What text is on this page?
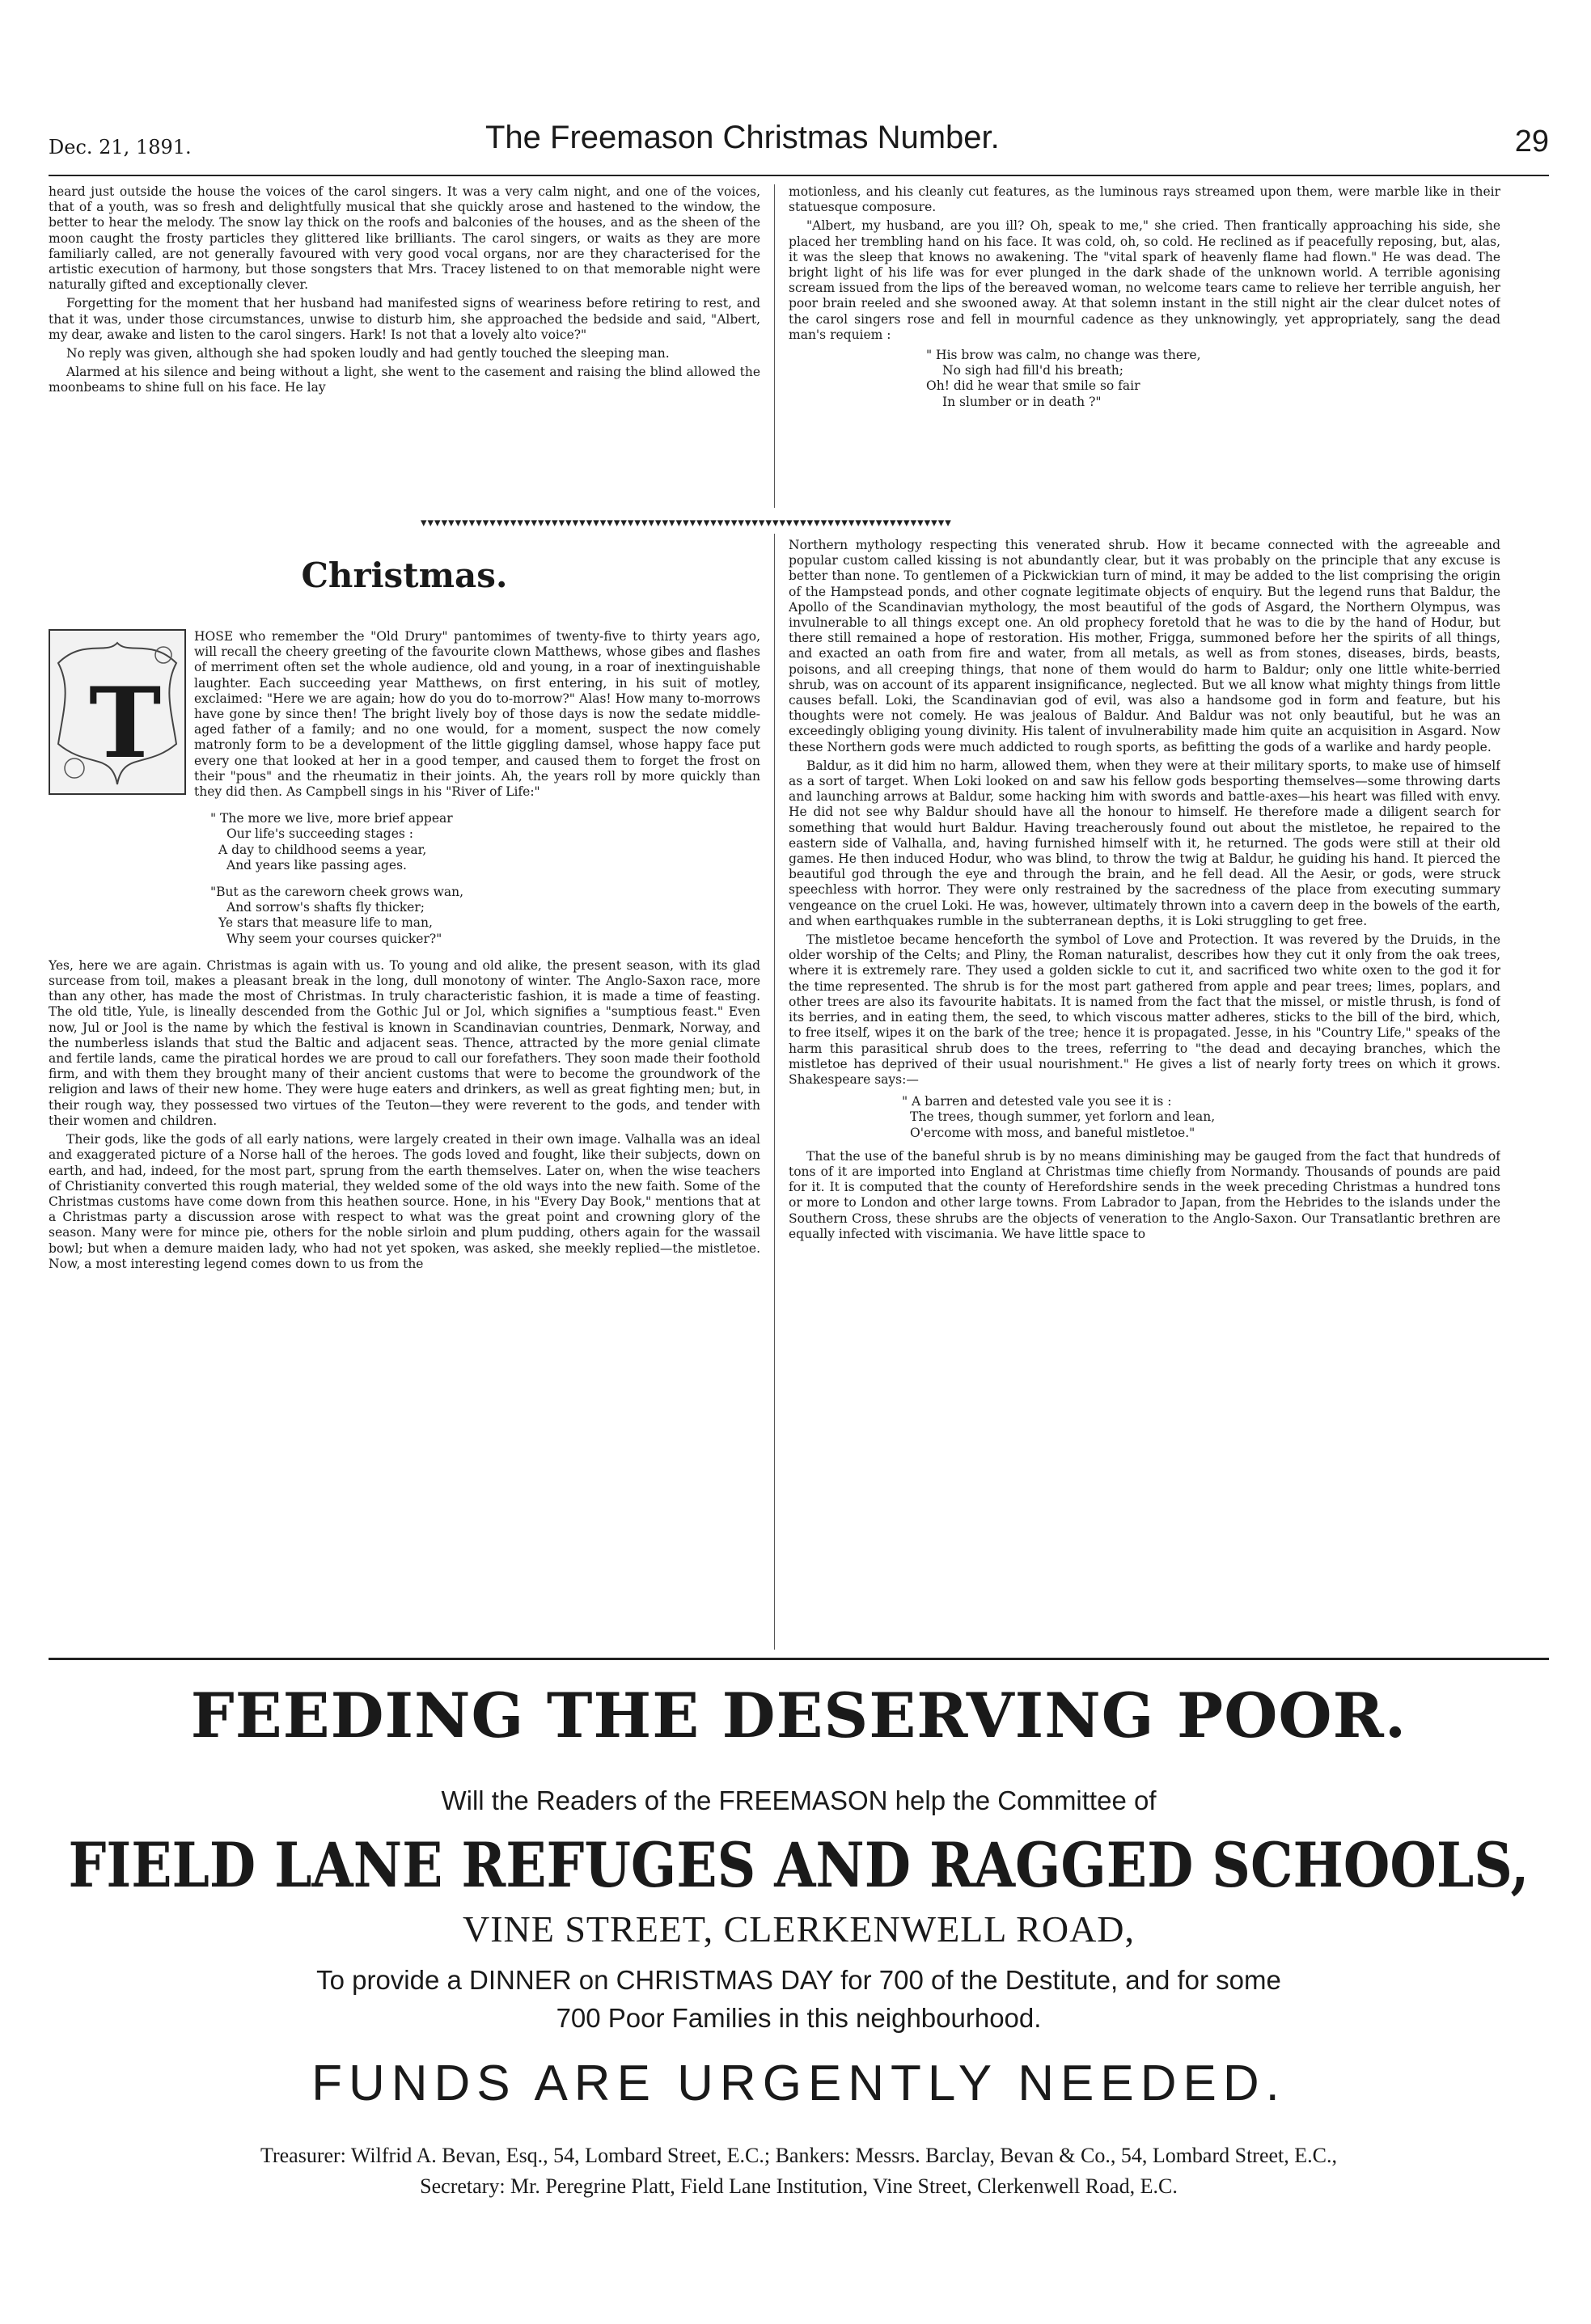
Dec. 21, 1891.	The Freemason Christmas Number.	29

heard just outside the house the voices of the carol singers. It was a very calm night, and one of the voices, that of a youth, was so fresh and delightfully musical that she quickly arose and hastened to the window, the better to hear the melody. The snow lay thick on the roofs and balconies of the houses, and as the sheen of the moon caught the frosty particles they glittered like brilliants. The carol singers, or waits as they are more familiarly called, are not generally favoured with very good vocal organs, nor are they characterised for the artistic execution of harmony, but those songsters that Mrs. Tracey listened to on that memorable night were naturally gifted and exceptionally clever.

Forgetting for the moment that her husband had manifested signs of weariness before retiring to rest, and that it was, under those circumstances, unwise to disturb him, she approached the bedside and said, "Albert, my dear, awake and listen to the carol singers. Hark! Is not that a lovely alto voice?"

No reply was given, although she had spoken loudly and had gently touched the sleeping man.

Alarmed at his silence and being without a light, she went to the casement and raising the blind allowed the moonbeams to shine full on his face. He lay

motionless, and his cleanly cut features, as the luminous rays streamed upon them, were marble like in their statuesque composure.

"Albert, my husband, are you ill? Oh, speak to me," she cried. Then frantically approaching his side, she placed her trembling hand on his face. It was cold, oh, so cold. He reclined as if peacefully reposing, but, alas, it was the sleep that knows no awakening. The "vital spark of heavenly flame had flown." He was dead. The bright light of his life was for ever plunged in the dark shade of the unknown world. A terrible agonising scream issued from the lips of the bereaved woman, no welcome tears came to relieve her terrible anguish, her poor brain reeled and she swooned away. At that solemn instant in the still night air the clear dulcet notes of the carol singers rose and fell in mournful cadence as they unknowingly, yet appropriately, sang the dead man's requiem :

" His brow was calm, no change was there,
No sigh had fill'd his breath;
Oh! did he wear that smile so fair
In slumber or in death ?"
▾▾▾▾▾▾▾▾▾▾▾▾▾▾▾▾▾▾▾▾▾▾▾▾▾▾▾▾▾▾▾▾▾▾▾▾▾▾▾▾▾▾▾▾▾▾▾▾▾▾▾▾▾▾▾▾▾▾▾▾▾▾▾▾▾▾▾▾▾▾▾▾▾▾▾▾▾
Christmas.
T

HOSE who remember the "Old Drury" pantomimes of twenty-five to thirty years ago, will recall the cheery greeting of the favourite clown Matthews, whose gibes and flashes of merriment often set the whole audience, old and young, in a roar of inextinguishable laughter. Each succeeding year Matthews, on first entering, in his suit of motley, exclaimed: "Here we are again; how do you do to-morrow?" Alas! How many to-morrows have gone by since then! The bright lively boy of those days is now the sedate middle-aged father of a family; and no one would, for a moment, suspect the now comely matronly form to be a development of the little giggling damsel, whose happy face put every one that looked at her in a good temper, and caused them to forget the frost on their "pous" and the rheumatiz in their joints. Ah, the years roll by more quickly than they did then. As Campbell sings in his "River of Life:"

" The more we live, more brief appear
Our life's succeeding stages :
A day to childhood seems a year,
And years like passing ages.
"But as the careworn cheek grows wan,
And sorrow's shafts fly thicker;
Ye stars that measure life to man,
Why seem your courses quicker?"

Yes, here we are again. Christmas is again with us. To young and old alike, the present season, with its glad surcease from toil, makes a pleasant break in the long, dull monotony of winter. The Anglo-Saxon race, more than any other, has made the most of Christmas. In truly characteristic fashion, it is made a time of feasting. The old title, Yule, is lineally descended from the Gothic Jul or Jol, which signifies a "sumptious feast." Even now, Jul or Jool is the name by which the festival is known in Scandinavian countries, Denmark, Norway, and the numberless islands that stud the Baltic and adjacent seas. Thence, attracted by the more genial climate and fertile lands, came the piratical hordes we are proud to call our forefathers. They soon made their foothold firm, and with them they brought many of their ancient customs that were to become the groundwork of the religion and laws of their new home. They were huge eaters and drinkers, as well as great fighting men; but, in their rough way, they possessed two virtues of the Teuton—they were reverent to the gods, and tender with their women and children.

Their gods, like the gods of all early nations, were largely created in their own image. Valhalla was an ideal and exaggerated picture of a Norse hall of the heroes. The gods loved and fought, like their subjects, down on earth, and had, indeed, for the most part, sprung from the earth themselves. Later on, when the wise teachers of Christianity converted this rough material, they welded some of the old ways into the new faith. Some of the Christmas customs have come down from this heathen source. Hone, in his "Every Day Book," mentions that at a Christmas party a discussion arose with respect to what was the great point and crowning glory of the season. Many were for mince pie, others for the noble sirloin and plum pudding, others again for the wassail bowl; but when a demure maiden lady, who had not yet spoken, was asked, she meekly replied—the mistletoe. Now, a most interesting legend comes down to us from the

Northern mythology respecting this venerated shrub. How it became connected with the agreeable and popular custom called kissing is not abundantly clear, but it was probably on the principle that any excuse is better than none. To gentlemen of a Pickwickian turn of mind, it may be added to the list comprising the origin of the Hampstead ponds, and other cognate legitimate objects of enquiry. But the legend runs that Baldur, the Apollo of the Scandinavian mythology, the most beautiful of the gods of Asgard, the Northern Olympus, was invulnerable to all things except one. An old prophecy foretold that he was to die by the hand of Hodur, but there still remained a hope of restoration. His mother, Frigga, summoned before her the spirits of all things, and exacted an oath from fire and water, from all metals, as well as from stones, diseases, birds, beasts, poisons, and all creeping things, that none of them would do harm to Baldur; only one little white-berried shrub, was on account of its apparent insignificance, neglected. But we all know what mighty things from little causes befall. Loki, the Scandinavian god of evil, was also a handsome god in form and feature, but his thoughts were not comely. He was jealous of Baldur. And Baldur was not only beautiful, but he was an exceedingly obliging young divinity. His talent of invulnerability made him quite an acquisition in Asgard. Now these Northern gods were much addicted to rough sports, as befitting the gods of a warlike and hardy people.

Baldur, as it did him no harm, allowed them, when they were at their military sports, to make use of himself as a sort of target. When Loki looked on and saw his fellow gods besporting themselves—some throwing darts and launching arrows at Baldur, some hacking him with swords and battle-axes—his heart was filled with envy. He did not see why Baldur should have all the honour to himself. He therefore made a diligent search for something that would hurt Baldur. Having treacherously found out about the mistletoe, he repaired to the eastern side of Valhalla, and, having furnished himself with it, he returned. The gods were still at their old games. He then induced Hodur, who was blind, to throw the twig at Baldur, he guiding his hand. It pierced the beautiful god through the eye and through the brain, and he fell dead. All the Aesir, or gods, were struck speechless with horror. They were only restrained by the sacredness of the place from executing summary vengeance on the cruel Loki. He was, however, ultimately thrown into a cavern deep in the bowels of the earth, and when earthquakes rumble in the subterranean depths, it is Loki struggling to get free.

The mistletoe became henceforth the symbol of Love and Protection. It was revered by the Druids, in the older worship of the Celts; and Pliny, the Roman naturalist, describes how they cut it only from the oak trees, where it is extremely rare. They used a golden sickle to cut it, and sacrificed two white oxen to the god it for the time represented. The shrub is for the most part gathered from apple and pear trees; limes, poplars, and other trees are also its favourite habitats. It is named from the fact that the missel, or mistle thrush, is fond of its berries, and in eating them, the seed, to which viscous matter adheres, sticks to the bill of the bird, which, to free itself, wipes it on the bark of the tree; hence it is propagated. Jesse, in his "Country Life," speaks of the harm this parasitical shrub does to the trees, referring to "the dead and decaying branches, which the mistletoe has deprived of their usual nourishment." He gives a list of nearly forty trees on which it grows. Shakespeare says:—

" A barren and detested vale you see it is :
The trees, though summer, yet forlorn and lean,
O'ercome with moss, and baneful mistletoe."

That the use of the baneful shrub is by no means diminishing may be gauged from the fact that hundreds of tons of it are imported into England at Christmas time chiefly from Normandy. Thousands of pounds are paid for it. It is computed that the county of Herefordshire sends in the week preceding Christmas a hundred tons or more to London and other large towns. From Labrador to Japan, from the Hebrides to the islands under the Southern Cross, these shrubs are the objects of veneration to the Anglo-Saxon. Our Transatlantic brethren are equally infected with viscimania. We have little space to

FEEDING THE DESERVING POOR.
Will the Readers of the FREEMASON help the Committee of
FIELD LANE REFUGES AND RAGGED SCHOOLS,
VINE STREET, CLERKENWELL ROAD,
To provide a DINNER on CHRISTMAS DAY for 700 of the Destitute, and for some
700 Poor Families in this neighbourhood.
FUNDS ARE URGENTLY NEEDED.
Treasurer: Wilfrid A. Bevan, Esq., 54, Lombard Street, E.C.; Bankers: Messrs. Barclay, Bevan & Co., 54, Lombard Street, E.C.,
Secretary: Mr. Peregrine Platt, Field Lane Institution, Vine Street, Clerkenwell Road, E.C.
